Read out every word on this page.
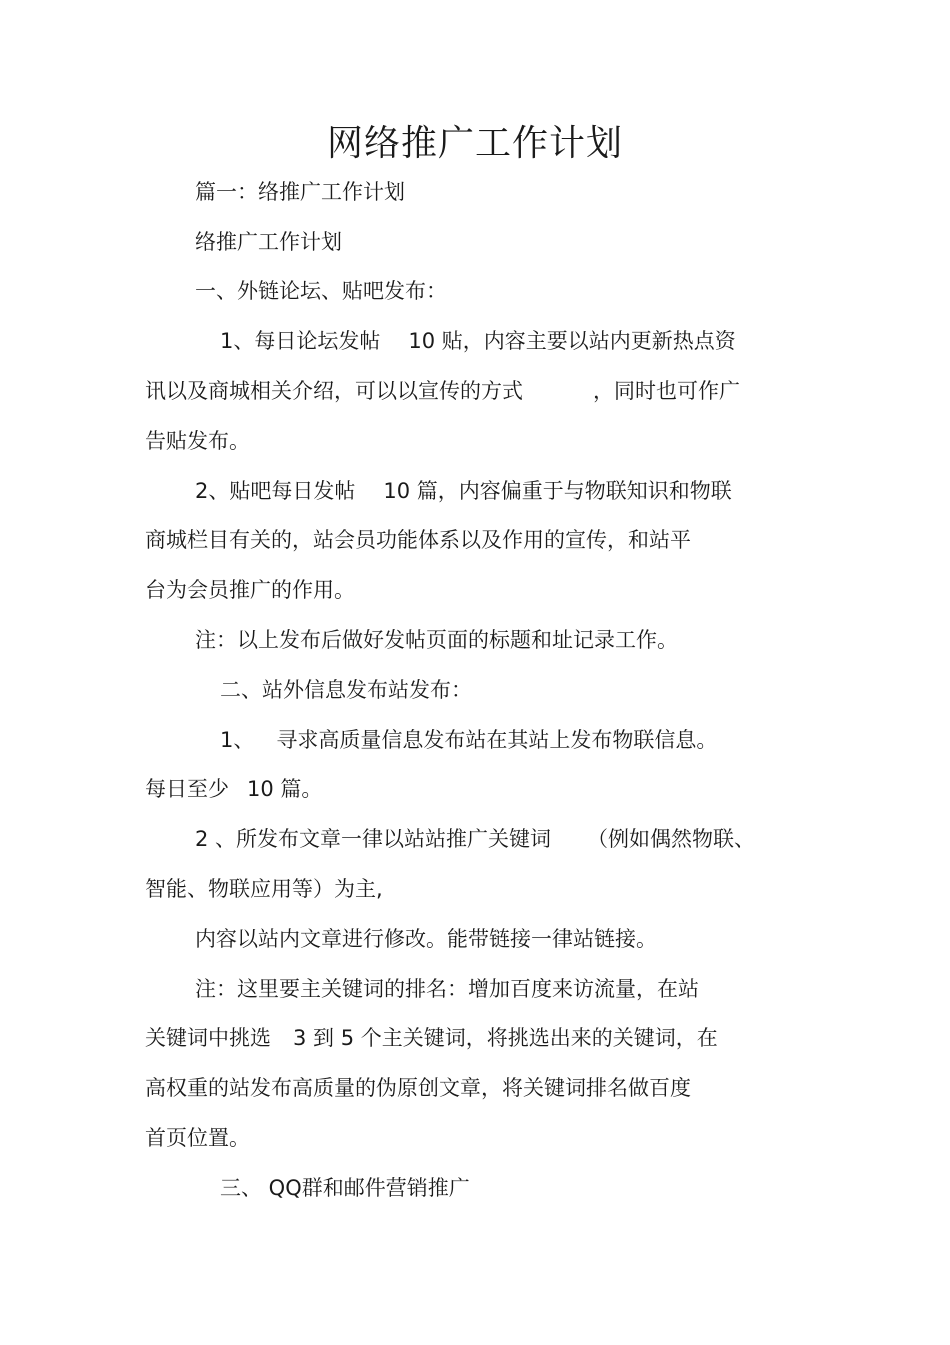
网络推广工作计划
篇一：络推广工作计划
络推广工作计划
一、外链论坛、贴吧发布：
1、每日论坛发帖 10 贴，内容主要以站内更新热点资
讯以及商城相关介绍，可以以宣传的方式	，同时也可作广
告贴发布。
2、贴吧每日发帖 10 篇，内容偏重于与物联知识和物联
商城栏目有关的，站会员功能体系以及作用的宣传，和站平
台为会员推广的作用。
注：以上发布后做好发帖页面的标题和址记录工作。
二、站外信息发布站发布：
1、 寻求高质量信息发布站在其站上发布物联信息。
每日至少 10 篇。
2 、所发布文章一律以站站推广关键词 （例如偶然物联、
智能、物联应用等）为主,
内容以站内文章进行修改。能带链接一律站链接。
注：这里要主关键词的排名：增加百度来访流量，在站
关键词中挑选 3 到 5 个主关键词，将挑选出来的关键词，在
高权重的站发布高质量的伪原创文章，将关键词排名做百度
首页位置。
三、 QQ群和邮件营销推广
